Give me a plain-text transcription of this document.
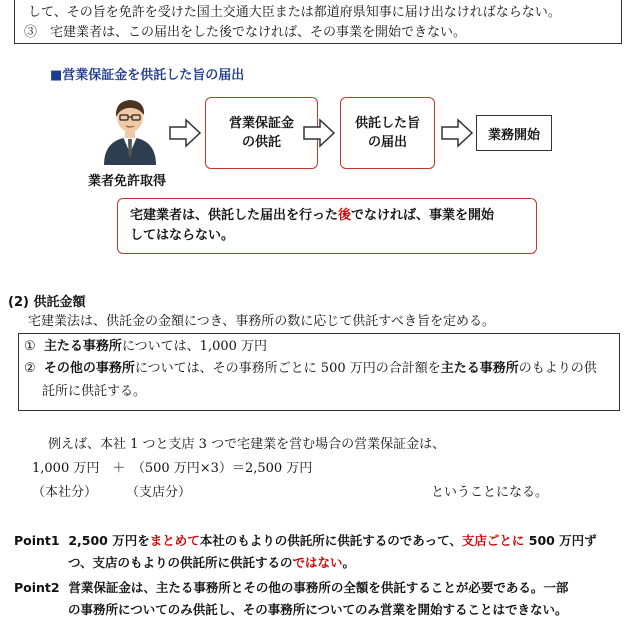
して、その旨を免許を受けた国土交通大臣または都道府県知事に届け出なければならない。
③　宅建業者は、この届出をした後でなければ、その事業を開始できない。
■営業保証金を供託した旨の届出
業者免許取得
営業保証金
の供託
供託した旨
の届出	業務開始
宅建業者は、供託した届出を行った後でなければ、事業を開始
してはならない。
(2) 供託金額
宅建業法は、供託金の金額につき、事務所の数に応じて供託すべき旨を定める。
① 主たる事務所については、1,000 万円
② その他の事務所については、その事務所ごとに 500 万円の合計額を主たる事務所のもよりの供
託所に供託する。
例えば、本社 1 つと支店 3 つで宅建業を営む場合の営業保証金は、
1,000 万円　＋　（500 万円×3）＝2,500 万円
（本社分） （支店分）	ということになる。
Point1 2,500 万円をまとめて本社のもよりの供託所に供託するのであって、支店ごとに 500 万円ず
つ、支店のもよりの供託所に供託するのではない。
Point2 営業保証金は、主たる事務所とその他の事務所の全額を供託することが必要である。一部
の事務所についてのみ供託し、その事務所についてのみ営業を開始することはできない。
